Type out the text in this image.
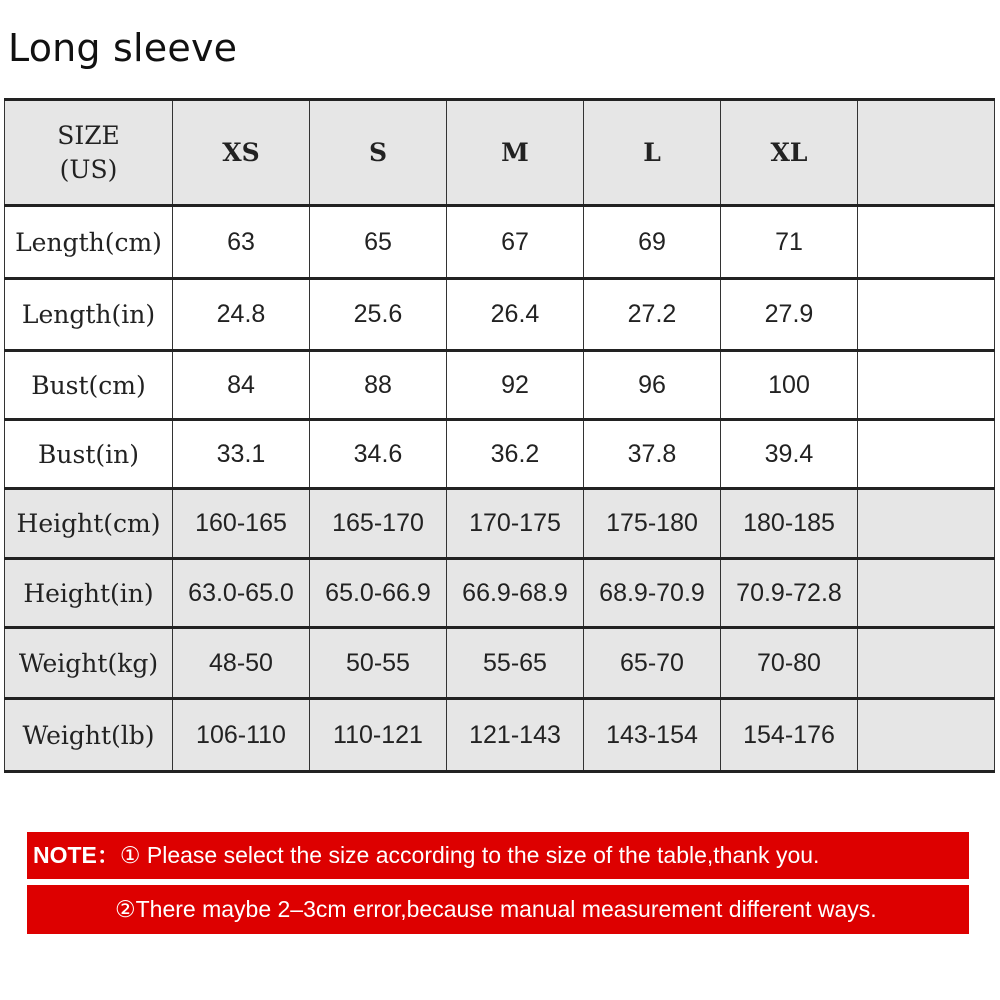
Long sleeve
SIZE
(US)	XS	S	M	L	XL	
Length(cm)	63	65	67	69	71	
Length(in)	24.8	25.6	26.4	27.2	27.9	
Bust(cm)	84	88	92	96	100	
Bust(in)	33.1	34.6	36.2	37.8	39.4	
Height(cm)	160-165	165-170	170-175	175-180	180-185	
Height(in)	63.0-65.0	65.0-66.9	66.9-68.9	68.9-70.9	70.9-72.8	
Weight(kg)	48-50	50-55	55-65	65-70	70-80	
Weight(lb)	106-110	110-121	121-143	143-154	154-176	
NOTE：① Please select the size according to the size of the table,thank you.
②There maybe 2–3cm error,because manual measurement different ways.
